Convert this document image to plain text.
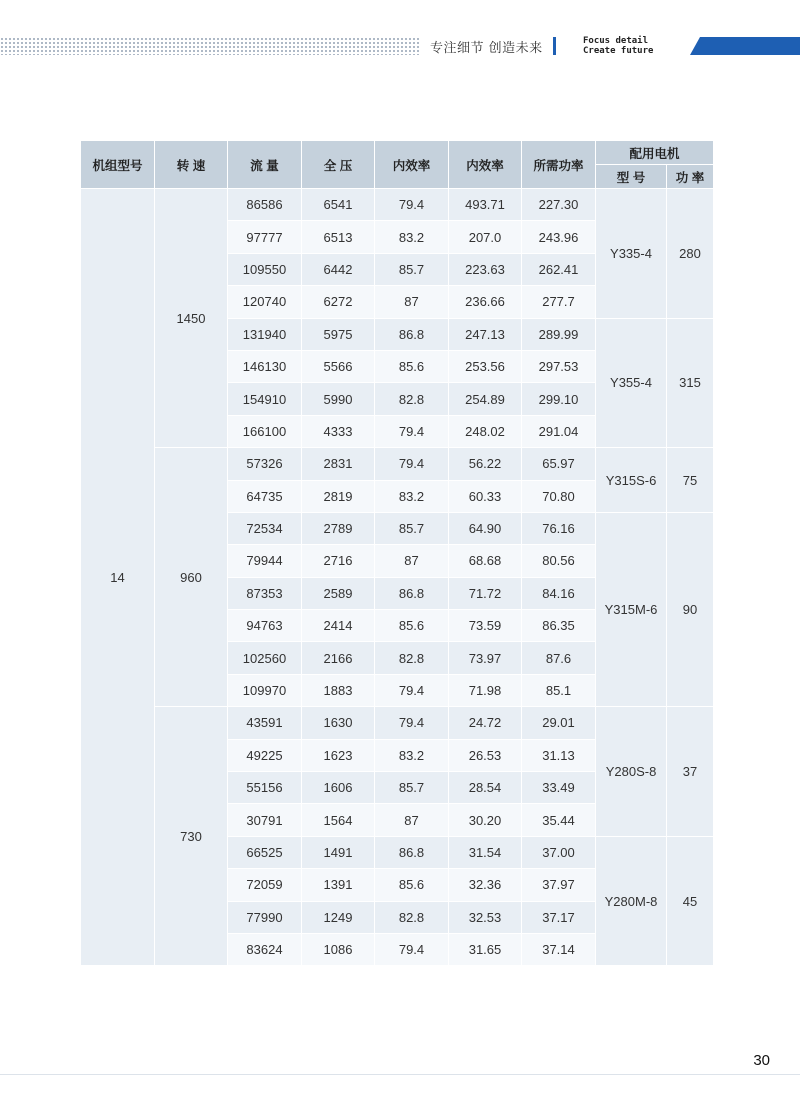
专注细节 创造未来	Focus detail
Create future
机组型号	转 速	流 量	全 压	内效率	内效率	所需功率	配用电机	
							型 号	功 率
14	1450	86586	6541	79.4	493.71	227.30	Y335-4	280
		97777	6513	83.2	207.0	243.96		
		109550	6442	85.7	223.63	262.41		
		120740	6272	87	236.66	277.7		
		131940	5975	86.8	247.13	289.99	Y355-4	315
		146130	5566	85.6	253.56	297.53		
		154910	5990	82.8	254.89	299.10		
		166100	4333	79.4	248.02	291.04		
	960	57326	2831	79.4	56.22	65.97	Y315S-6	75
		64735	2819	83.2	60.33	70.80		
		72534	2789	85.7	64.90	76.16	Y315M-6	90
		79944	2716	87	68.68	80.56		
		87353	2589	86.8	71.72	84.16		
		94763	2414	85.6	73.59	86.35		
		102560	2166	82.8	73.97	87.6		
		109970	1883	79.4	71.98	85.1		
	730	43591	1630	79.4	24.72	29.01	Y280S-8	37
		49225	1623	83.2	26.53	31.13		
		55156	1606	85.7	28.54	33.49		
		30791	1564	87	30.20	35.44		
		66525	1491	86.8	31.54	37.00	Y280M-8	45
		72059	1391	85.6	32.36	37.97		
		77990	1249	82.8	32.53	37.17		
		83624	1086	79.4	31.65	37.14		
30
